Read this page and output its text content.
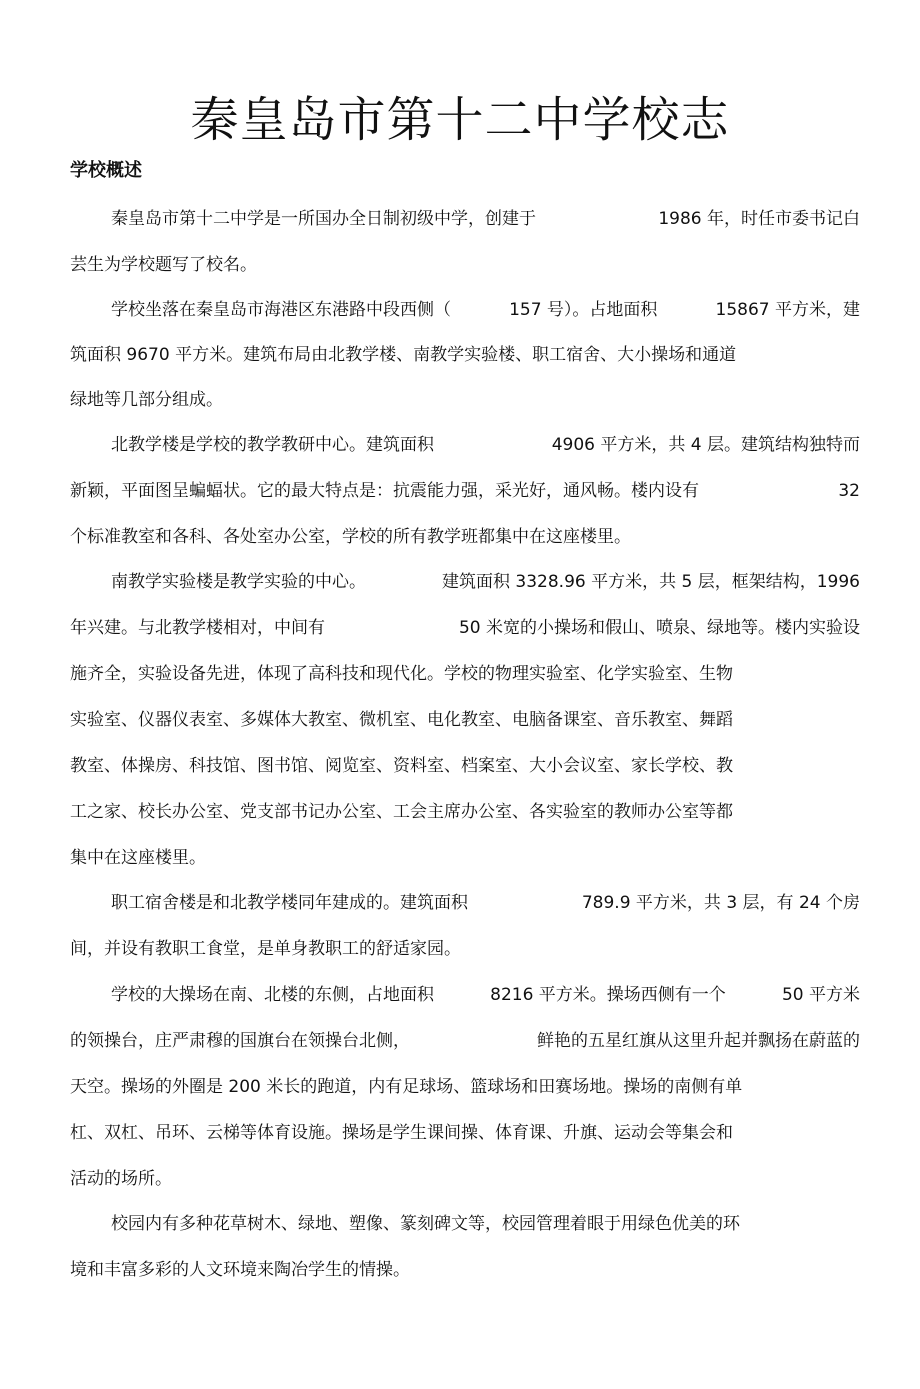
秦皇岛市第十二中学校志
学校概述
秦皇岛市第十二中学是一所国办全日制初级中学，创建于	1986 年，时任市委书记白
芸生为学校题写了校名。
学校坐落在秦皇岛市海港区东港路中段西侧（	157 号）。占地面积	15867 平方米，建
筑面积 9670 平方米。建筑布局由北教学楼、南教学实验楼、职工宿舍、大小操场和通道
绿地等几部分组成。
北教学楼是学校的教学教研中心。建筑面积	4906 平方米，共 4 层。建筑结构独特而
新颖，平面图呈蝙蝠状。它的最大特点是：抗震能力强，采光好，通风畅。楼内设有	32
个标准教室和各科、各处室办公室，学校的所有教学班都集中在这座楼里。
南教学实验楼是教学实验的中心。	建筑面积 3328.96 平方米，共 5 层，框架结构，1996
年兴建。与北教学楼相对，中间有	50 米宽的小操场和假山、喷泉、绿地等。楼内实验设
施齐全，实验设备先进，体现了高科技和现代化。学校的物理实验室、化学实验室、生物
实验室、仪器仪表室、多媒体大教室、微机室、电化教室、电脑备课室、音乐教室、舞蹈
教室、体操房、科技馆、图书馆、阅览室、资料室、档案室、大小会议室、家长学校、教
工之家、校长办公室、党支部书记办公室、工会主席办公室、各实验室的教师办公室等都
集中在这座楼里。
职工宿舍楼是和北教学楼同年建成的。建筑面积	789.9 平方米，共 3 层，有 24 个房
间，并设有教职工食堂，是单身教职工的舒适家园。
学校的大操场在南、北楼的东侧，占地面积	8216 平方米。操场西侧有一个	50 平方米
的领操台，庄严肃穆的国旗台在领操台北侧，	鲜艳的五星红旗从这里升起并飘扬在蔚蓝的
天空。操场的外圈是 200 米长的跑道，内有足球场、篮球场和田赛场地。操场的南侧有单
杠、双杠、吊环、云梯等体育设施。操场是学生课间操、体育课、升旗、运动会等集会和
活动的场所。
校园内有多种花草树木、绿地、塑像、篆刻碑文等，校园管理着眼于用绿色优美的环
境和丰富多彩的人文环境来陶冶学生的情操。
